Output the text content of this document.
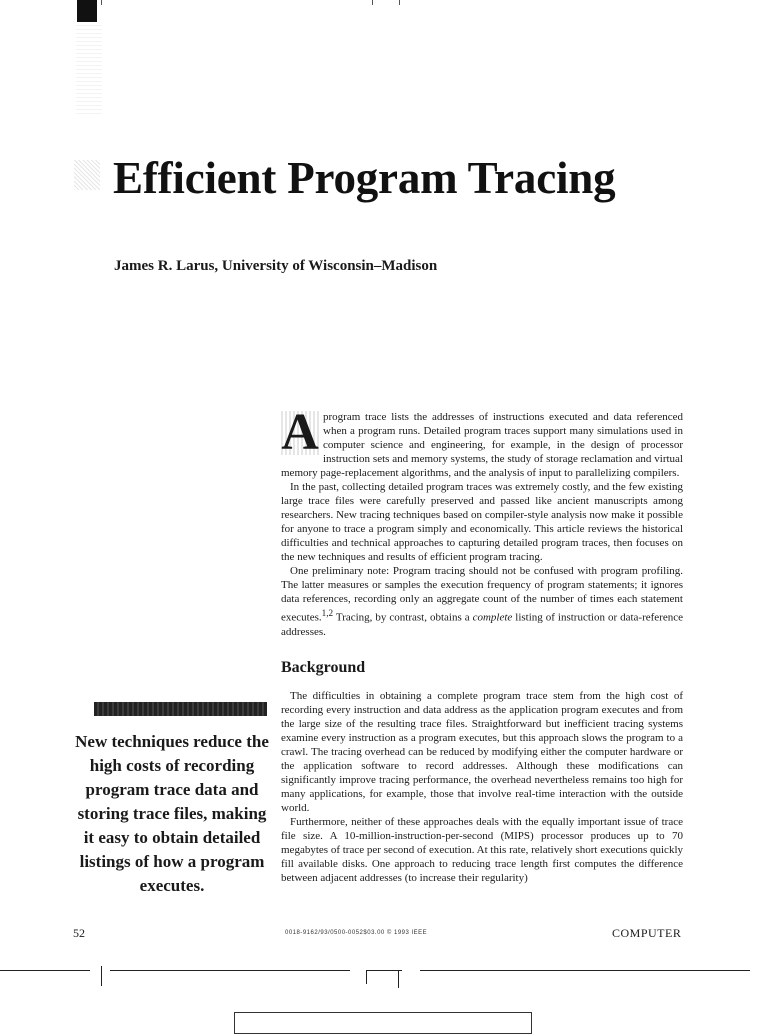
Efficient Program Tracing
James R. Larus, University of Wisconsin–Madison

A program trace lists the addresses of instructions executed and data referenced when a program runs. Detailed program traces support many simulations used in computer science and engineering, for example, in the design of processor instruction sets and memory systems, the study of storage reclamation and virtual memory page-replacement algorithms, and the analysis of input to parallelizing compilers.

In the past, collecting detailed program traces was extremely costly, and the few existing large trace files were carefully preserved and passed like ancient manuscripts among researchers. New tracing techniques based on compiler-style analysis now make it possible for anyone to trace a program simply and economically. This article reviews the historical difficulties and technical approaches to capturing detailed program traces, then focuses on the new techniques and results of efficient program tracing.

One preliminary note: Program tracing should not be confused with program profiling. The latter measures or samples the execution frequency of program statements; it ignores data references, recording only an aggregate count of the number of times each statement executes.$^{1,2}$ Tracing, by contrast, obtains a complete listing of instruction or data-reference addresses.

Background

The difficulties in obtaining a complete program trace stem from the high cost of recording every instruction and data address as the application program executes and from the large size of the resulting trace files. Straightforward but inefficient tracing systems examine every instruction as a program executes, but this approach slows the program to a crawl. The tracing overhead can be reduced by modifying either the computer hardware or the application software to record addresses. Although these modifications can significantly improve tracing performance, the overhead nevertheless remains too high for many applications, for example, those that involve real-time interaction with the outside world.

Furthermore, neither of these approaches deals with the equally important issue of trace file size. A 10-million-instruction-per-second (MIPS) processor produces up to 70 megabytes of trace per second of execution. At this rate, relatively short executions quickly fill available disks. One approach to reducing trace length first computes the difference between adjacent addresses (to increase their regularity)

New techniques reduce the high costs of recording program trace data and storing trace files, making it easy to obtain detailed listings of how a program executes.
52	0018-9162/93/0500-0052$03.00 © 1993 IEEE	COMPUTER
